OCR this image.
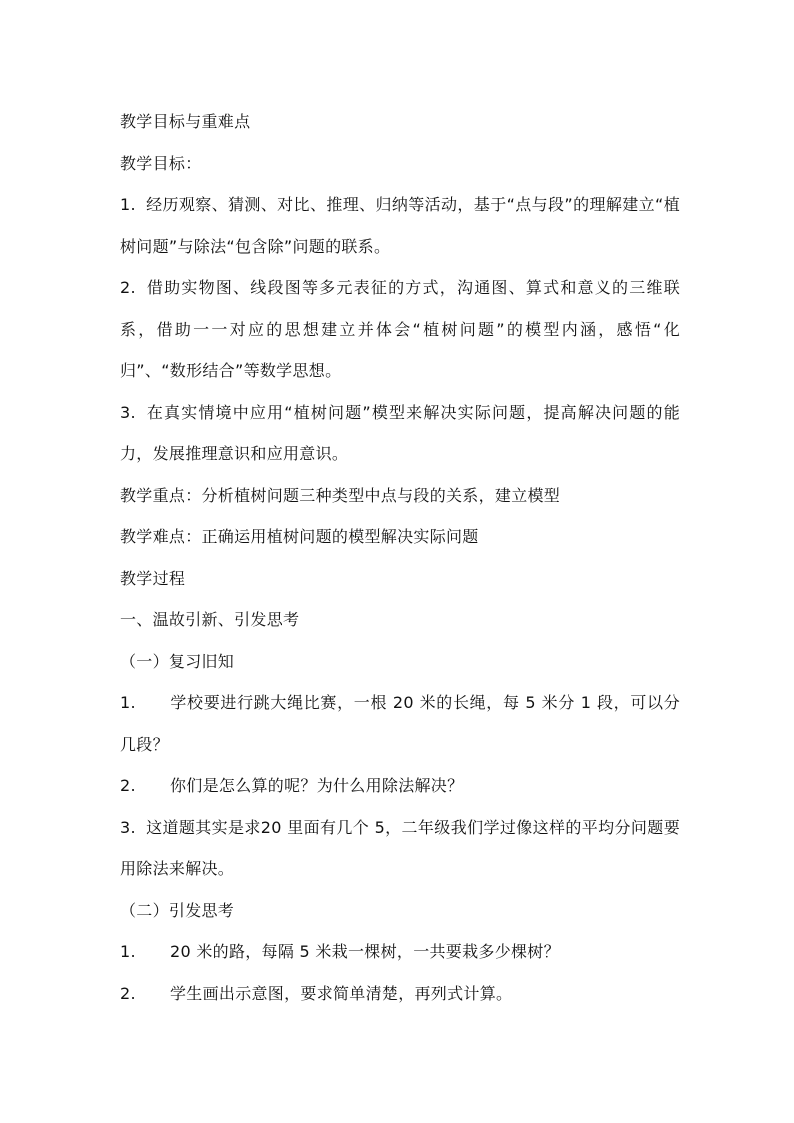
教学目标与重难点
教学目标：
1. 经历观察、猜测、对比、推理、归纳等活动，基于“点与段”的理解建立“植树问题”与除法“包含除”问题的联系。
2. 借助实物图、线段图等多元表征的方式，沟通图、算式和意义的三维联系，借助一一对应的思想建立并体会“植树问题”的模型内涵，感悟“化归”、“数形结合”等数学思想。
3. 在真实情境中应用“植树问题”模型来解决实际问题，提高解决问题的能力，发展推理意识和应用意识。
教学重点：分析植树问题三种类型中点与段的关系，建立模型
教学难点：正确运用植树问题的模型解决实际问题
教学过程
一、温故引新、引发思考
（一）复习旧知
1. 学校要进行跳大绳比赛，一根 20 米的长绳，每 5 米分 1 段，可以分几段？
2. 你们是怎么算的呢？为什么用除法解决？
3. 这道题其实是求20 里面有几个 5，二年级我们学过像这样的平均分问题要用除法来解决。
（二）引发思考
1. 20 米的路，每隔 5 米栽一棵树，一共要栽多少棵树？
2. 学生画出示意图，要求简单清楚，再列式计算。
